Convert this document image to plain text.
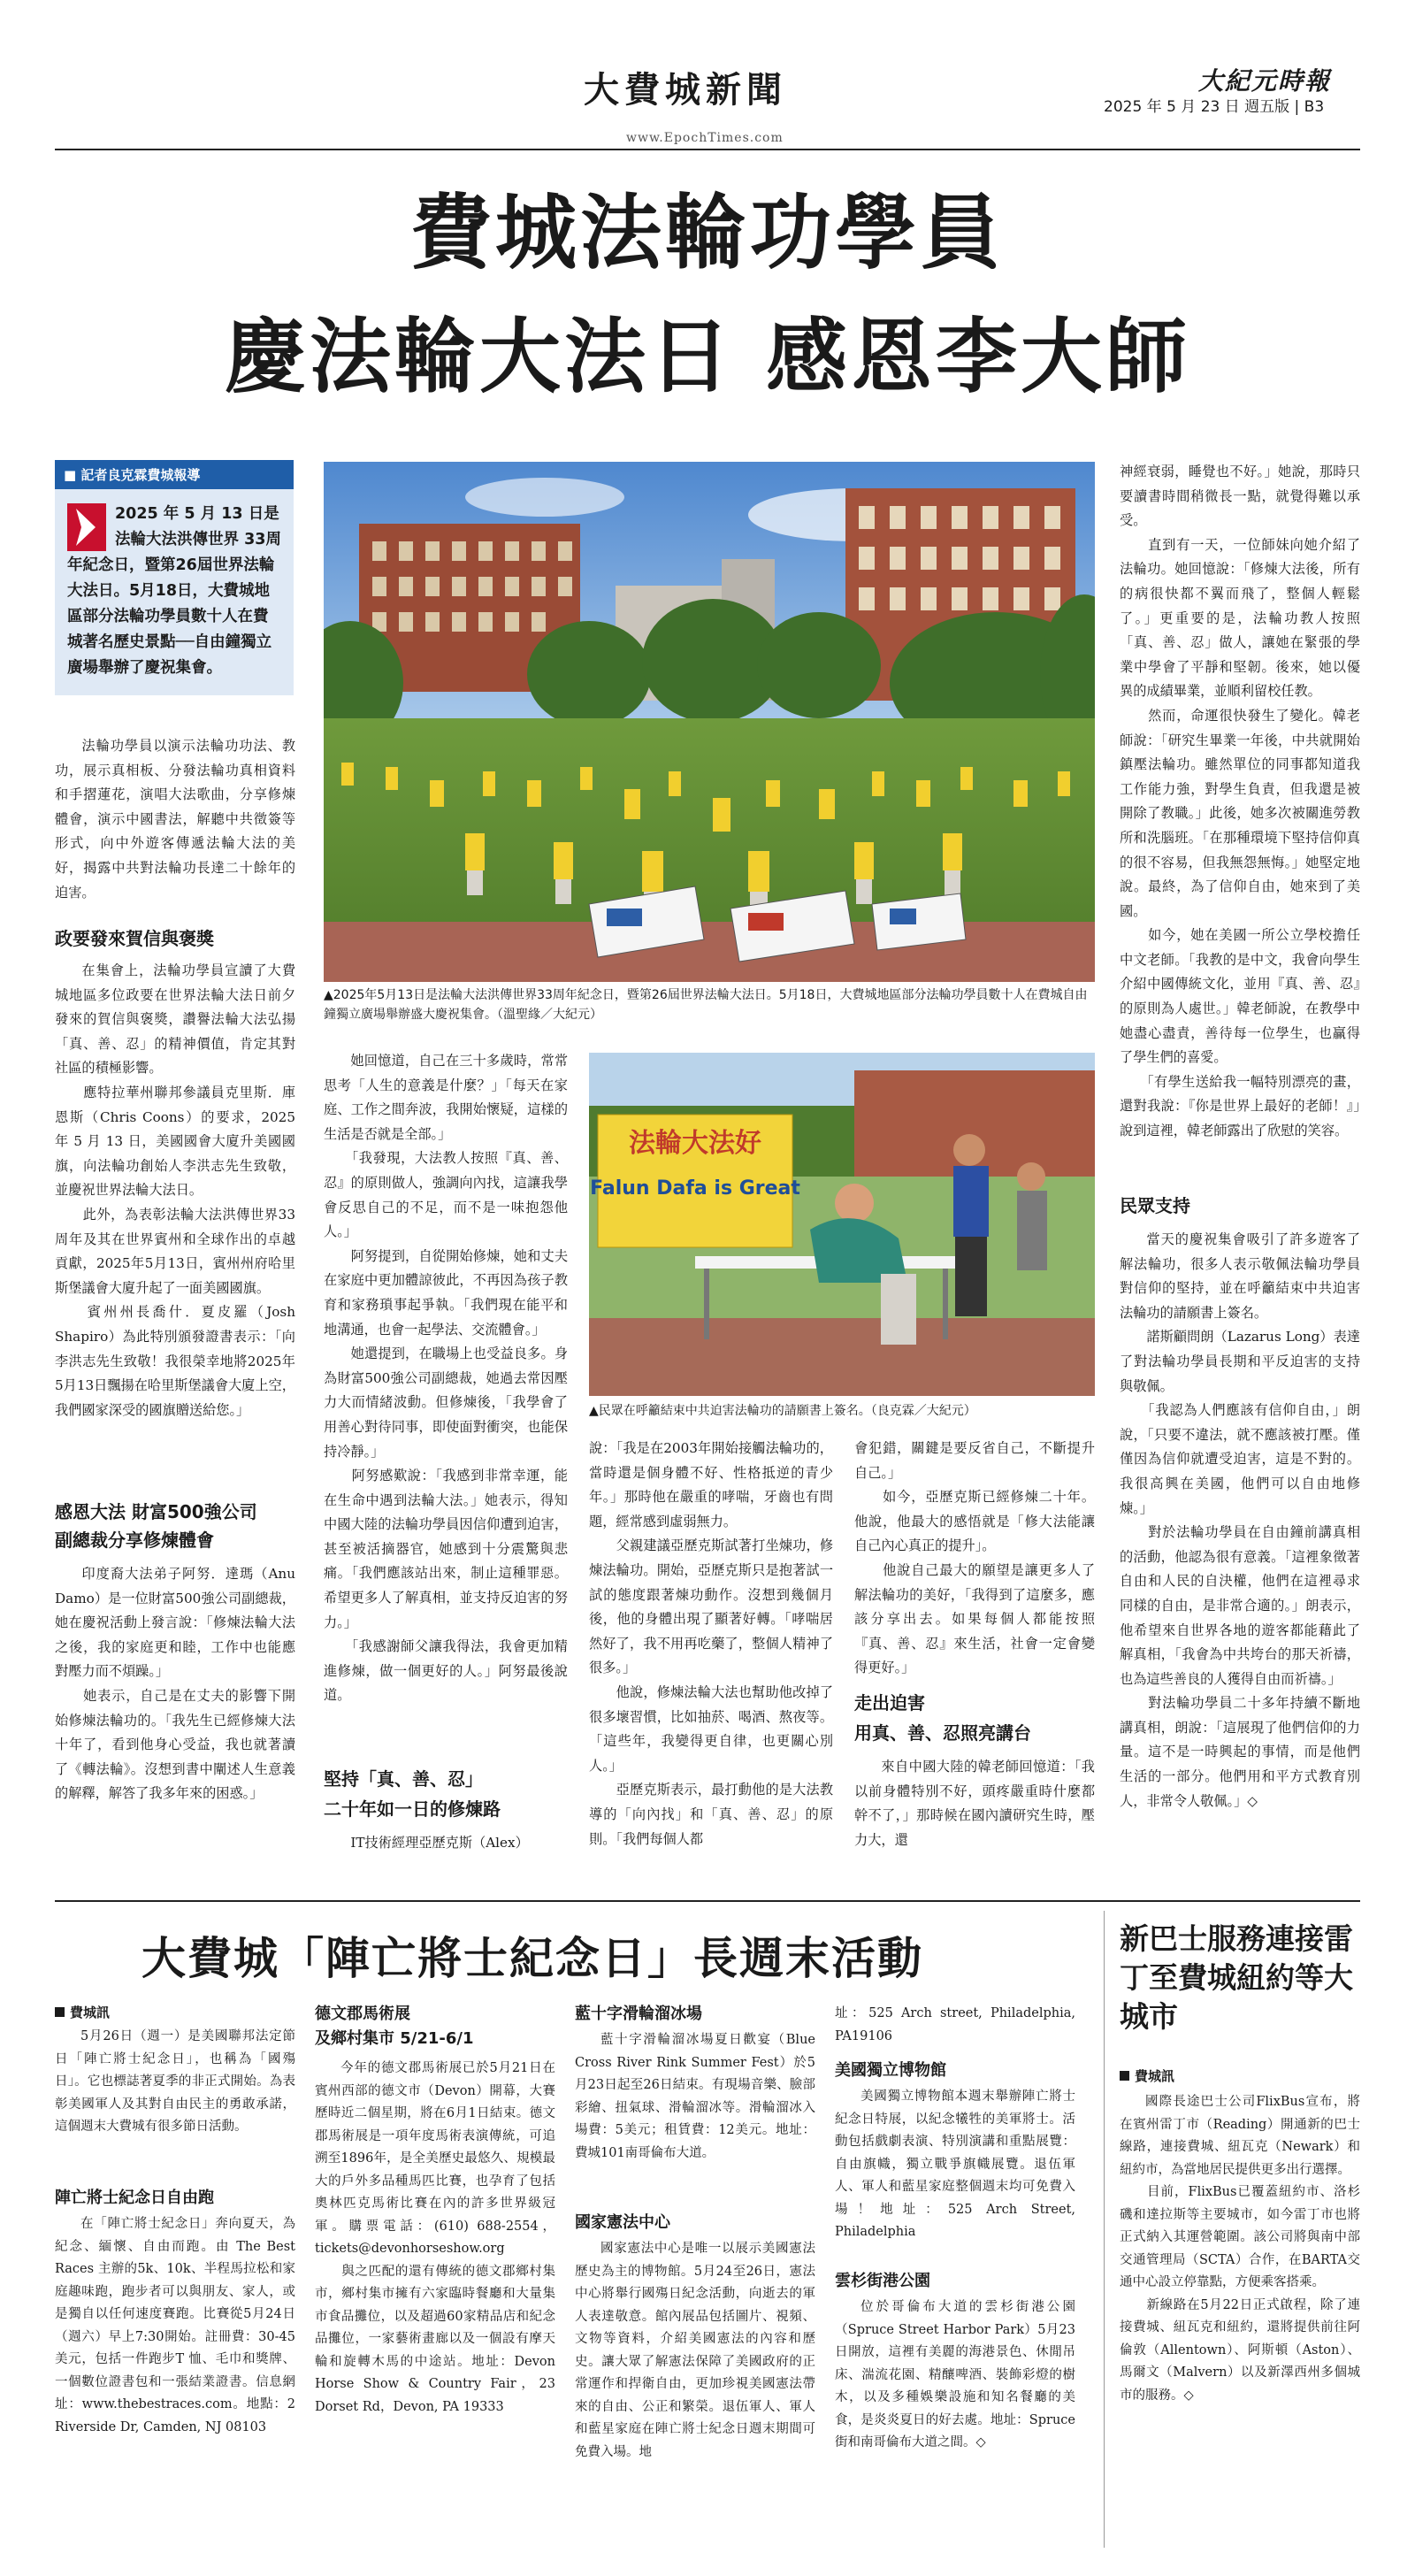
大費城新聞
www.EpochTimes.com
大紀元時報
2025 年 5 月 23 日 週五版 | B3
費城法輪功學員
慶法輪大法日 感恩李大師
■ 記者良克霖費城報導
2025 年 5 月 13 日是法輪大法洪傳世界 33周年紀念日，暨第26屆世界法輪大法日。5月18日，大費城地區部分法輪功學員數十人在費城著名歷史景點──自由鐘獨立廣場舉辦了慶祝集會。
法輪功學員以演示法輪功功法、教功，展示真相板、分發法輪功真相資料和手摺蓮花，演唱大法歌曲，分享修煉體會，演示中國書法，解聽中共徵簽等形式，向中外遊客傳遞法輪大法的美好，揭露中共對法輪功長達二十餘年的迫害。
政要發來賀信與褒獎
在集會上，法輪功學員宣讀了大費城地區多位政要在世界法輪大法日前夕發來的賀信與褒獎，讚譽法輪大法弘揚「真、善、忍」的精神價值，肯定其對社區的積極影響。
　　應特拉華州聯邦參議員克里斯．庫恩斯（Chris Coons）的要求，2025 年 5 月 13 日，美國國會大廈升美國國旗，向法輪功創始人李洪志先生致敬，並慶祝世界法輪大法日。
　　此外，為表彰法輪大法洪傳世界33周年及其在世界賓州和全球作出的卓越貢獻，2025年5月13日，賓州州府哈里斯堡議會大廈升起了一面美國國旗。
　　賓州州長喬什．夏皮羅（Josh Shapiro）為此特別頒發證書表示：「向李洪志先生致敬！我很榮幸地將2025年5月13日飄揚在哈里斯堡議會大廈上空，我們國家深受的國旗贈送給您。」
感恩大法 財富500強公司
副總裁分享修煉體會
印度裔大法弟子阿努．達瑪（Anu Damo）是一位財富500強公司副總裁，她在慶祝活動上發言說：「修煉法輪大法之後，我的家庭更和睦，工作中也能應對壓力而不煩躁。」
　　她表示，自己是在丈夫的影響下開始修煉法輪功的。「我先生已經修煉大法十年了，看到他身心受益，我也就著讀了《轉法輪》。沒想到書中闡述人生意義的解釋，解答了我多年來的困惑。」
▲2025年5月13日是法輪大法洪傳世界33周年紀念日，暨第26屆世界法輪大法日。5月18日，大費城地區部分法輪功學員數十人在費城自由鐘獨立廣場舉辦盛大慶祝集會。（溫聖緣／大紀元）
她回憶道，自己在三十多歲時，常常思考「人生的意義是什麼？」「每天在家庭、工作之間奔波，我開始懷疑，這樣的生活是否就是全部。」
　　「我發現，大法教人按照『真、善、忍』的原則做人，強調向內找，這讓我學會反思自己的不足，而不是一味抱怨他人。」
　　阿努提到，自從開始修煉，她和丈夫在家庭中更加體諒彼此，不再因為孩子教育和家務瑣事起爭執。「我們現在能平和地溝通，也會一起學法、交流體會。」
　　她還提到，在職場上也受益良多。身為財富500強公司副總裁，她過去常因壓力大而情緒波動。但修煉後，「我學會了用善心對待同事，即使面對衝突，也能保持冷靜。」
　　阿努感歎說：「我感到非常幸運，能在生命中遇到法輪大法。」她表示，得知中國大陸的法輪功學員因信仰遭到迫害，甚至被活摘器官，她感到十分震驚與悲痛。「我們應該站出來，制止這種罪惡。希望更多人了解真相，並支持反迫害的努力。」
　　「我感謝師父讓我得法，我會更加精進修煉，做一個更好的人。」阿努最後說道。
堅持「真、善、忍」
二十年如一日的修煉路
IT技術經理亞歷克斯（Alex）
法輪大法好
Falun Dafa is Great
▲民眾在呼籲結束中共迫害法輪功的請願書上簽名。（良克霖／大紀元）
說：「我是在2003年開始接觸法輪功的，當時還是個身體不好、性格抵逆的青少年。」那時他在嚴重的哮喘，牙齒也有問題，經常感到虛弱無力。
　　父親建議亞歷克斯試著打坐煉功，修煉法輪功。開始，亞歷克斯只是抱著試一試的態度跟著煉功動作。沒想到幾個月後，他的身體出現了顯著好轉。「哮喘居然好了，我不用再吃藥了，整個人精神了很多。」
　　他說，修煉法輪大法也幫助他改掉了很多壞習慣，比如抽菸、喝酒、熬夜等。「這些年，我變得更自律，也更關心別人。」
　　亞歷克斯表示，最打動他的是大法教導的「向內找」和「真、善、忍」的原則。「我們每個人都
會犯錯，關鍵是要反省自己，不斷提升自己。」
　　如今，亞歷克斯已經修煉二十年。他說，他最大的感悟就是「修大法能讓自己內心真正的提升」。
　　他說自己最大的願望是讓更多人了解法輪功的美好，「我得到了這麼多，應該分享出去。如果每個人都能按照『真、善、忍』來生活，社會一定會變得更好。」
走出迫害
用真、善、忍照亮講台
來自中國大陸的韓老師回憶道：「我以前身體特別不好，頭疼嚴重時什麼都幹不了，」那時候在國內讀研究生時，壓力大，還
神經衰弱，睡覺也不好。」她說，那時只要讀書時間稍微長一點，就覺得難以承受。
　　直到有一天，一位師妹向她介紹了法輪功。她回憶說：「修煉大法後，所有的病很快都不翼而飛了，整個人輕鬆了。」更重要的是，法輪功教人按照「真、善、忍」做人，讓她在緊張的學業中學會了平靜和堅韌。後來，她以優異的成績畢業，並順利留校任教。
　　然而，命運很快發生了變化。韓老師說：「研究生畢業一年後，中共就開始鎮壓法輪功。雖然單位的同事都知道我工作能力強，對學生負責，但我還是被開除了教職。」此後，她多次被關進勞教所和洗腦班。「在那種環境下堅持信仰真的很不容易，但我無怨無悔。」她堅定地說。最終，為了信仰自由，她來到了美國。
　　如今，她在美國一所公立學校擔任中文老師。「我教的是中文，我會向學生介紹中國傳統文化，並用『真、善、忍』的原則為人處世。」韓老師說，在教學中她盡心盡責，善待每一位學生，也贏得了學生們的喜愛。
　　「有學生送給我一幅特別漂亮的畫，還對我說：『你是世界上最好的老師！』」說到這裡，韓老師露出了欣慰的笑容。
民眾支持
當天的慶祝集會吸引了許多遊客了解法輪功，很多人表示敬佩法輪功學員對信仰的堅持，並在呼籲結束中共迫害法輪功的請願書上簽名。
　　諾斯顧問朗（Lazarus Long）表達了對法輪功學員長期和平反迫害的支持與敬佩。
　　「我認為人們應該有信仰自由，」朗說，「只要不違法，就不應該被打壓。僅僅因為信仰就遭受迫害，這是不對的。我很高興在美國，他們可以自由地修煉。」
　　對於法輪功學員在自由鐘前講真相的活動，他認為很有意義。「這裡象徵著自由和人民的自決權，他們在這裡尋求同樣的自由，是非常合適的。」朗表示，他希望來自世界各地的遊客都能藉此了解真相，「我會為中共垮台的那天祈禱，也為這些善良的人獲得自由而祈禱。」
　　對法輪功學員二十多年持續不斷地講真相，朗說：「這展現了他們信仰的力量。這不是一時興起的事情，而是他們生活的一部分。他們用和平方式教育別人，非常令人敬佩。」◇
大費城「陣亡將士紀念日」長週末活動
費城訊
5月26日（週一）是美國聯邦法定節日「陣亡將士紀念日」，也稱為「國殤日」。它也標誌著夏季的非正式開始。為表彰美國軍人及其對自由民主的勇敢承諾，這個週末大費城有很多節日活動。
陣亡將士紀念日自由跑
在「陣亡將士紀念日」奔向夏天，為紀念、緬懷、自由而跑。由 The Best Races 主辦的5k、10k、半程馬拉松和家庭趣味跑，跑步者可以與朋友、家人，或是獨自以任何速度賽跑。比賽從5月24日（週六）早上7:30開始。註冊費：30-45美元，包括一件跑步T 恤、毛巾和獎牌、一個數位證書包和一張結業證書。信息網址：www.thebestraces.com。地點：2 Riverside Dr, Camden, NJ 08103
德文郡馬術展
及鄉村集市 5/21-6/1
今年的德文郡馬術展已於5月21日在賓州西部的德文市（Devon）開幕，大賽歷時近二個星期，將在6月1日結束。德文郡馬術展是一項年度馬術表演傳統，可追溯至1896年，是全美歷史最悠久、規模最大的戶外多品種馬匹比賽，也孕育了包括奧林匹克馬術比賽在內的許多世界級冠軍。購票電話：(610) 688-2554，tickets@devonhorseshow.org
　　與之匹配的還有傳統的德文郡鄉村集市，鄉村集市擁有六家臨時餐廳和大量集市食品攤位，以及超過60家精品店和紀念品攤位，一家藝術畫廊以及一個設有摩天輪和旋轉木馬的中途站。地址：Devon Horse Show & Country Fair，23 Dorset Rd，Devon, PA 19333
藍十字滑輪溜冰場
藍十字滑輪溜冰場夏日歡宴（Blue Cross River Rink Summer Fest）於5月23日起至26日結束。有現場音樂、臉部彩繪、扭氣球、滑輪溜冰等。滑輪溜冰入場費：5美元；租賃費：12美元。地址：費城101南哥倫布大道。
國家憲法中心
國家憲法中心是唯一以展示美國憲法歷史為主的博物館。5月24至26日，憲法中心將舉行國殤日紀念活動，向逝去的軍人表達敬意。館內展品包括圖片、視頻、文物等資料，介紹美國憲法的內容和歷史。讓大眾了解憲法保障了美國政府的正常運作和捍衛自由，更加珍視美國憲法帶來的自由、公正和繁榮。退伍軍人、軍人和藍星家庭在陣亡將士紀念日週末期間可免費入場。地
址：525 Arch street, Philadelphia, PA19106
美國獨立博物館
美國獨立博物館本週末舉辦陣亡將士紀念日特展，以紀念犧牲的美軍將士。活動包括戲劇表演、特別演講和重點展覽：自由旗幟，獨立戰爭旗幟展覽。退伍軍人、軍人和藍星家庭整個週末均可免費入場！地址：525 Arch Street, Philadelphia
雲杉街港公園
位於哥倫布大道的雲杉街港公園（Spruce Street Harbor Park）5月23日開放，這裡有美麗的海港景色、休閒吊床、湍流花園、精釀啤酒、裝飾彩燈的樹木，以及多種娛樂設施和知名餐廳的美食，是炎炎夏日的好去處。地址：Spruce 街和南哥倫布大道之間。◇
新巴士服務連接雷丁至費城紐約等大城市
費城訊
國際長途巴士公司FlixBus宣布，將在賓州雷丁市（Reading）開通新的巴士線路，連接費城、紐瓦克（Newark）和紐約市，為當地居民提供更多出行選擇。
　　目前，FlixBus已覆蓋紐約市、洛杉磯和達拉斯等主要城市，如今雷丁市也將正式納入其運營範圍。該公司將與南中部交通管理局（SCTA）合作，在BARTA交通中心設立停靠點，方便乘客搭乘。
　　新線路在5月22日正式啟程，除了連接費城、紐瓦克和紐約，還將提供前往阿倫敦（Allentown）、阿斯頓（Aston）、馬爾文（Malvern）以及新澤西州多個城市的服務。◇
